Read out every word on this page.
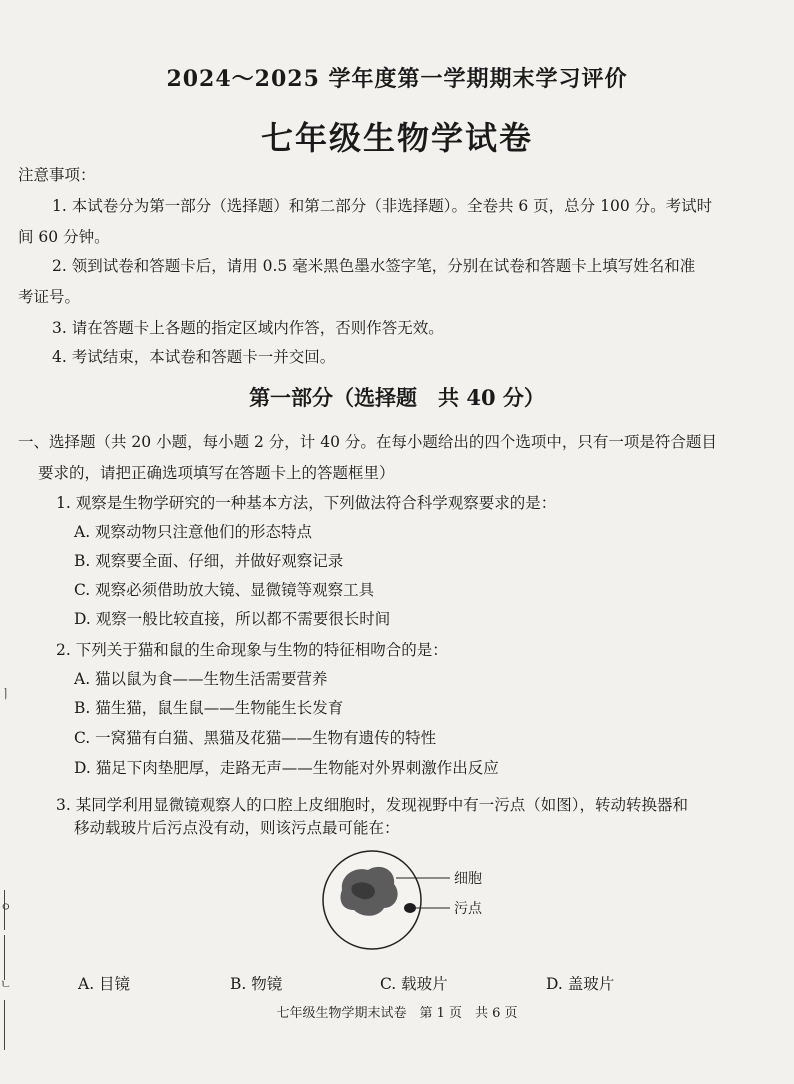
ㅣ
ㅇ
ㄴ
2024～2025 学年度第一学期期末学习评价
七年级生物学试卷
注意事项：
1. 本试卷分为第一部分（选择题）和第二部分（非选择题）。全卷共 6 页，总分 100 分。考试时
间 60 分钟。
2. 领到试卷和答题卡后，请用 0.5 毫米黑色墨水签字笔，分别在试卷和答题卡上填写姓名和准
考证号。
3. 请在答题卡上各题的指定区域内作答，否则作答无效。
4. 考试结束，本试卷和答题卡一并交回。
第一部分（选择题　共 40 分）
一、选择题（共 20 小题，每小题 2 分，计 40 分。在每小题给出的四个选项中，只有一项是符合题目
要求的，请把正确选项填写在答题卡上的答题框里）
1. 观察是生物学研究的一种基本方法，下列做法符合科学观察要求的是：
A. 观察动物只注意他们的形态特点
B. 观察要全面、仔细，并做好观察记录
C. 观察必须借助放大镜、显微镜等观察工具
D. 观察一般比较直接，所以都不需要很长时间
2. 下列关于猫和鼠的生命现象与生物的特征相吻合的是：
A. 猫以鼠为食——生物生活需要营养
B. 猫生猫，鼠生鼠——生物能生长发育
C. 一窝猫有白猫、黑猫及花猫——生物有遗传的特性
D. 猫足下肉垫肥厚，走路无声——生物能对外界刺激作出反应
3. 某同学利用显微镜观察人的口腔上皮细胞时，发现视野中有一污点（如图），转动转换器和
移动载玻片后污点没有动，则该污点最可能在：
细胞
污点
A. 目镜	B. 物镜	C. 载玻片	D. 盖玻片
七年级生物学期末试卷　第 1 页　共 6 页
